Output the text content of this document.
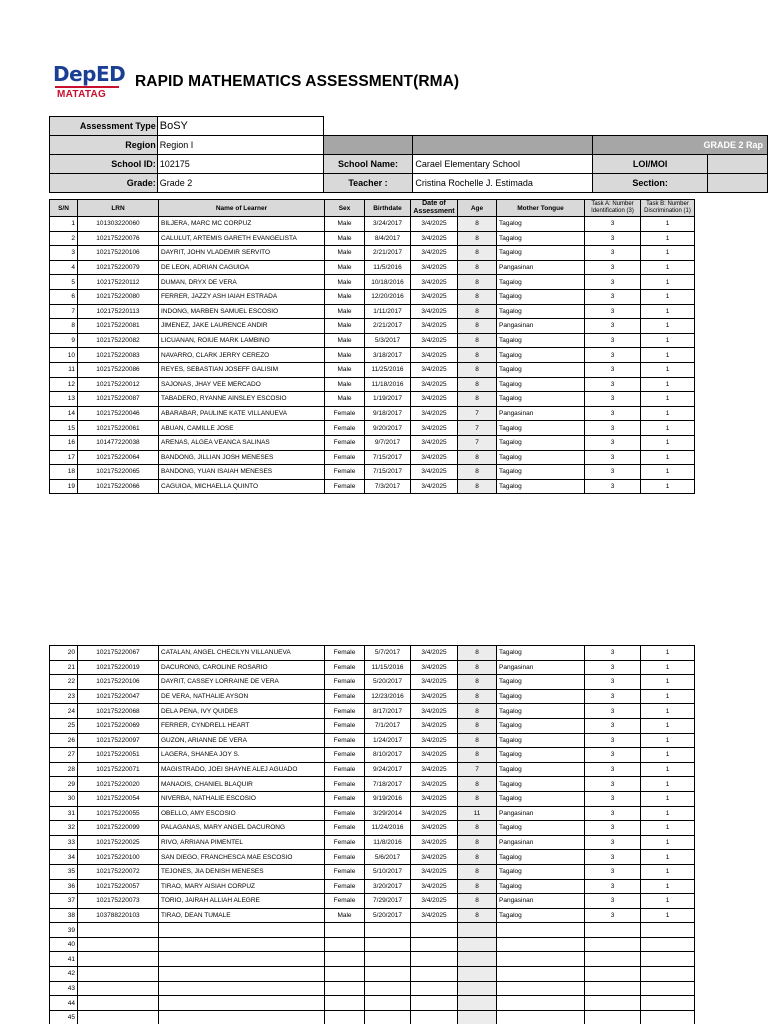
DepED
MATATAG
RAPID MATHEMATICS ASSESSMENT(RMA)
Assessment Type	BoSY				
Region	Region I			GRADE 2 Rap	
School ID:	102175	School Name:	Carael Elementary School	LOI/MOI	
Grade:	Grade 2	Teacher :	Cristina Rochelle J. Estimada	Section:	
S/N	LRN	Name of Learner	Sex	Birthdate	Date of Assessment	Age	Mother Tongue	Task A: Number Identification (3)	Task B: Number Discrimination (1)
1	101303220060	BILJERA, MARC MC CORPUZ	Male	3/24/2017	3/4/2025	8	Tagalog	3	1
2	102175220076	CALULUT, ARTEMIS GARETH EVANGELISTA	Male	8/4/2017	3/4/2025	8	Tagalog	3	1
3	102175220106	DAYRIT, JOHN VLADEMIR SERVITO	Male	2/21/2017	3/4/2025	8	Tagalog	3	1
4	102175220079	DE LEON, ADRIAN CAGUIOA	Male	11/5/2016	3/4/2025	8	Pangasinan	3	1
5	102175220112	DUMAN, DRYX DE VERA	Male	10/18/2016	3/4/2025	8	Tagalog	3	1
6	102175220080	FERRER, JAZZY ASH IAIAH ESTRADA	Male	12/20/2016	3/4/2025	8	Tagalog	3	1
7	102175220113	INDONG, MARBEN SAMUEL ESCOSIO	Male	1/11/2017	3/4/2025	8	Tagalog	3	1
8	102175220081	JIMENEZ, JAKE LAURENCE ANDIR	Male	2/21/2017	3/4/2025	8	Pangasinan	3	1
9	102175220082	LICUANAN, ROIUE MARK LAMBINO	Male	5/3/2017	3/4/2025	8	Tagalog	3	1
10	102175220083	NAVARRO, CLARK JERRY CEREZO	Male	3/18/2017	3/4/2025	8	Tagalog	3	1
11	102175220086	REYES, SEBASTIAN JOSEFF GALISIM	Male	11/25/2016	3/4/2025	8	Tagalog	3	1
12	102175220012	SAJONAS, JHAY VEE MERCADO	Male	11/18/2016	3/4/2025	8	Tagalog	3	1
13	102175220087	TABADERO, RYANNE AINSLEY ESCOSIO	Male	1/19/2017	3/4/2025	8	Tagalog	3	1
14	102175220046	ABARABAR, PAULINE KATE VILLANUEVA	Female	9/18/2017	3/4/2025	7	Pangasinan	3	1
15	102175220061	ABUAN, CAMILLE JOSE	Female	9/20/2017	3/4/2025	7	Tagalog	3	1
16	101477220038	ARENAS, ALGEA VEANCA SALINAS	Female	9/7/2017	3/4/2025	7	Tagalog	3	1
17	102175220064	BANDONG, JILLIAN JOSH MENESES	Female	7/15/2017	3/4/2025	8	Tagalog	3	1
18	102175220065	BANDONG, YUAN ISAIAH MENESES	Female	7/15/2017	3/4/2025	8	Tagalog	3	1
19	102175220066	CAGUIOA, MICHAELLA QUINTO	Female	7/3/2017	3/4/2025	8	Tagalog	3	1
20	102175220067	CATALAN, ANGEL CHECILYN VILLANUEVA	Female	5/7/2017	3/4/2025	8	Tagalog	3	1
21	102175220019	DACURONG, CAROLINE ROSARIO	Female	11/15/2016	3/4/2025	8	Pangasinan	3	1
22	102175220106	DAYRIT, CASSEY LORRAINE DE VERA	Female	5/20/2017	3/4/2025	8	Tagalog	3	1
23	102175220047	DE VERA, NATHALIE AYSON	Female	12/23/2016	3/4/2025	8	Tagalog	3	1
24	102175220068	DELA PENA, IVY QUIDES	Female	8/17/2017	3/4/2025	8	Tagalog	3	1
25	102175220069	FERRER, CYNDRELL HEART	Female	7/1/2017	3/4/2025	8	Tagalog	3	1
26	102175220097	GUZON, ARIANNE DE VERA	Female	1/24/2017	3/4/2025	8	Tagalog	3	1
27	102175220051	LAGERA, SHANEA JOY S.	Female	8/10/2017	3/4/2025	8	Tagalog	3	1
28	102175220071	MAGISTRADO, JOEI SHAYNE ALEJ AGUADO	Female	9/24/2017	3/4/2025	7	Tagalog	3	1
29	102175220020	MANAOIS, CHANIEL BLAQUIR	Female	7/18/2017	3/4/2025	8	Tagalog	3	1
30	102175220054	NIVERBA, NATHALIE ESCOSIO	Female	9/19/2016	3/4/2025	8	Tagalog	3	1
31	102175220055	OBELLO, AMY ESCOSIO	Female	3/29/2014	3/4/2025	11	Pangasinan	3	1
32	102175220099	PALAGANAS, MARY ANGEL DACURONG	Female	11/24/2016	3/4/2025	8	Tagalog	3	1
33	102175220025	RIVO, ARRIANA PIMENTEL	Female	11/8/2016	3/4/2025	8	Pangasinan	3	1
34	102175220100	SAN DIEGO, FRANCHESCA MAE ESCOSIO	Female	5/6/2017	3/4/2025	8	Tagalog	3	1
35	102175220072	TEJONES, JIA DENISH MENESES	Female	5/10/2017	3/4/2025	8	Tagalog	3	1
36	102175220057	TIRAO, MARY AISIAH CORPUZ	Female	3/20/2017	3/4/2025	8	Tagalog	3	1
37	102175220073	TORIO, JAIRAH ALLIAH ALEGRE	Female	7/29/2017	3/4/2025	8	Pangasinan	3	1
38	103788220103	TIRAO, DEAN TUMALE	Male	5/20/2017	3/4/2025	8	Tagalog	3	1
39									
40									
41									
42									
43									
44									
45									
